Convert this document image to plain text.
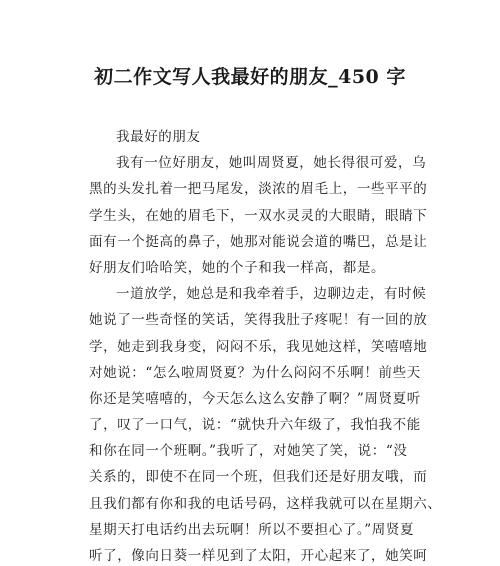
初二作文写人我最好的朋友_450 字
我最好的朋友
我有一位好朋友，她叫周贤夏，她长得很可爱，乌
黑的头发扎着一把马尾发，淡浓的眉毛上，一些平平的
学生头，在她的眉毛下，一双水灵灵的大眼睛，眼睛下
面有一个挺高的鼻子，她那对能说会道的嘴巴，总是让
好朋友们哈哈笑，她的个子和我一样高，都是。
一道放学，她总是和我牵着手，边聊边走，有时候
她说了一些奇怪的笑话，笑得我肚子疼呢！有一回的放
学，她走到我身变，闷闷不乐，我见她这样，笑嘻嘻地
对她说：“怎么啦周贤夏？为什么闷闷不乐啊！前些天
你还是笑嘻嘻的，今天怎么这么安静了啊？”周贤夏听
了，叹了一口气，说：“就快升六年级了，我怕我不能
和你在同一个班啊。”我听了，对她笑了笑，说：“没
关系的，即使不在同一个班，但我们还是好朋友哦，而
且我们都有你和我的电话号码，这样我就可以在星期六、
星期天打电话约出去玩啊！所以不要担心了。”周贤夏
听了，像向日葵一样见到了太阳，开心起来了，她笑呵
